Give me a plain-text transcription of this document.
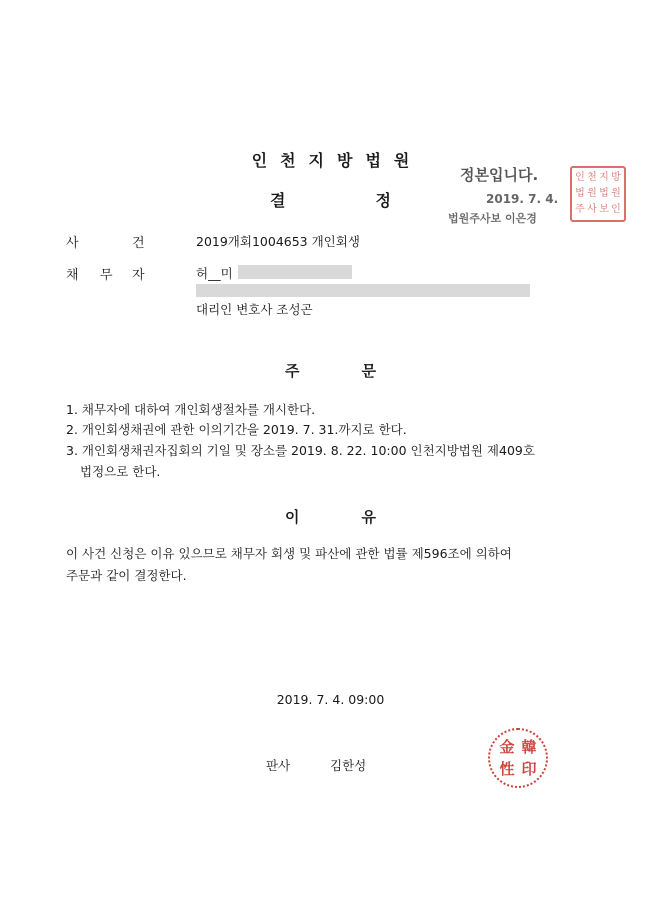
인천지방법원
결	정
정본입니다.
2019. 7. 4.
법원주사보 이은경
인 천 지 방
법 원 법 원
주 사 보 인
사	건	2019개회1004653 개인회생
채 무 자	허__미
대리인 변호사 조성곤
주	문
1. 채무자에 대하여 개인회생절차를 개시한다.
2. 개인회생채권에 관한 이의기간을 2019. 7. 31.까지로 한다.
3. 개인회생채권자집회의 기일 및 장소를 2019. 8. 22. 10:00 인천지방법원 제409호
법정으로 한다.
이	유
이 사건 신청은 이유 있으므로 채무자 회생 및 파산에 관한 법률 제596조에 의하여
주문과 같이 결정한다.
2019. 7. 4. 09:00
판사	김한성
金 韓
性 印
